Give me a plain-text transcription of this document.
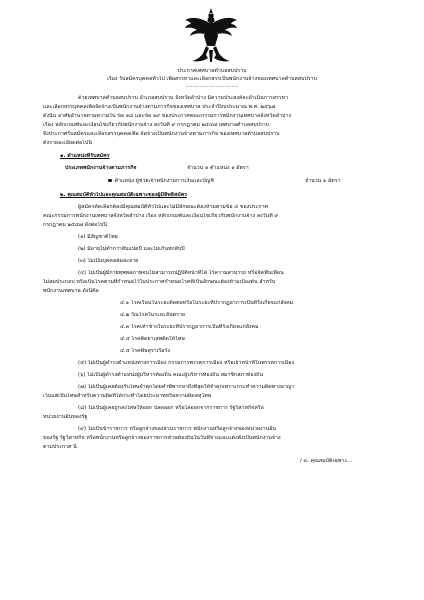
ประกาศเทศบาลตำบลสบปราบ
เรื่อง รับสมัครบุคคลทั่วไป เพื่อสรรหาและเลือกสรรเป็นพนักงานจ้างของเทศบาลตำบลสบปราบ
…………………………
ด้วยเทศบาลตำบลสบปราบ อำเภอสบปราบ จังหวัดลำปาง มีความประสงค์จะดำเนินการสรรหา
และเลือกสรรบุคคลเพื่อจัดจ้างเป็นพนักงานจ้างตามภารกิจของเทศบาล ประจำปีงบประมาณ พ.ศ. ๒๕๖๗
ดังนั้น อาศัยอำนาจตามความใน ข้อ ๑๘ และข้อ ๑๙ ของประกาศคณะกรรมการพนักงานเทศบาลจังหวัดลำปาง
เรื่อง หลักเกณฑ์และเงื่อนไขเกี่ยวกับพนักงานจ้าง ลงวันที่ ๙ กรกฎาคม ๒๕๔๗ เทศบาลตำบลสบปราบ
จึงประกาศรับสมัครและเลือกสรรบุคคลเพื่อ จัดจ้างเป็นพนักงานจ้างตามภารกิจ ของเทศบาลตำบลสบปราบ
ดังรายละเอียดต่อไปนี้
๑. ตำแหน่งที่รับสมัคร
ประเภทพนักงานจ้างตามภารกิจ	จำนวน ๑ ตำแหน่ง ๑ อัตรา
ตำแหน่ง ผู้ช่วยเจ้าพนักงานการเงินและบัญชี	จำนวน ๑ อัตรา
๒. คุณสมบัติทั่วไปและคุณสมบัติเฉพาะของผู้มีสิทธิสมัคร
ผู้สมัครคัดเลือกต้องมีคุณสมบัติทั่วไปและไม่มีลักษณะต้องห้ามตามข้อ ๔ ของประกาศ
คณะกรรมการพนักงานเทศบาลจังหวัดลำปาง เรื่อง หลักเกณฑ์และเงื่อนไขเกี่ยวกับพนักงานจ้าง ลงวันที่ ๙
กรกฎาคม ๒๕๔๗ ดังต่อไปนี้
(๑) มีสัญชาติไทย
(๒) มีอายุไม่ต่ำกว่าสิบแปดปี และไม่เกินหกสิบปี
(๓) ไม่เป็นบุคคลล้มละลาย
(๔) ไม่เป็นผู้มีกายทุพพลภาพจนไม่สามารถปฏิบัติหน้าที่ได้ ไร้ความสามารถ หรือจิตฟั่นเฟือน
ไม่สมประกอบ หรือเป็นโรคตามที่กำหนดไว้ในประกาศกำหนดโรคที่เป็นลักษณะต้องห้ามเบื้องต้น สำหรับ
พนักงานเทศบาล ดังนี้คือ
๔.๑ โรคเรื้อนในระยะติดต่อหรือในระยะที่ปรากฏอาการเป็นที่รังเกียจแก่สังคม
๔.๒ วัณโรคในระยะอันตราย
๔.๓ โรคเท้าช้างในระยะที่ปรากฏอาการเป็นที่รังเกียจแก่สังคม
๔.๔ โรคติดยาเสพติดให้โทษ
๔.๕ โรคพิษสุราเรื้อรัง
(๕) ไม่เป็นผู้ดำรงตำแหน่งทางการเมือง กรรมการพรรคการเมือง หรือเจ้าหน้าที่ในพรรคการเมือง
(๖) ไม่เป็นผู้ดำรงตำแหน่งผู้บริหารท้องถิ่น คณะผู้บริหารท้องถิ่น สมาชิกสภาท้องถิ่น
(๗) ไม่เป็นผู้เคยต้องรับโทษจำคุกโดยคำพิพากษาถึงที่สุดให้จำคุกเพราะกระทำความผิดทางอาญา
เว้นแต่เป็นโทษสำหรับความผิดที่ได้กระทำโดยประมาทหรือความผิดลหุโทษ
(๘) ไม่เป็นผู้เคยถูกลงโทษให้ออก ปลดออก หรือไล่ออกจากราชการ รัฐวิสาหกิจหรือ
หน่วยงานอื่นของรัฐ
(๙) ไม่เป็นข้าราชการ หรือลูกจ้างของส่วนราชการ พนักงานหรือลูกจ้างของหน่วยงานอื่น
ของรัฐ รัฐวิสาหกิจ หรือพนักงานหรือลูกจ้างของราชการส่วนท้องถิ่นในวันที่จ้างและแต่งตั้งเป็นพนักงานจ้าง
ตามประกาศ นี้
/ ๓. คุณสมบัติเฉพาะ...
